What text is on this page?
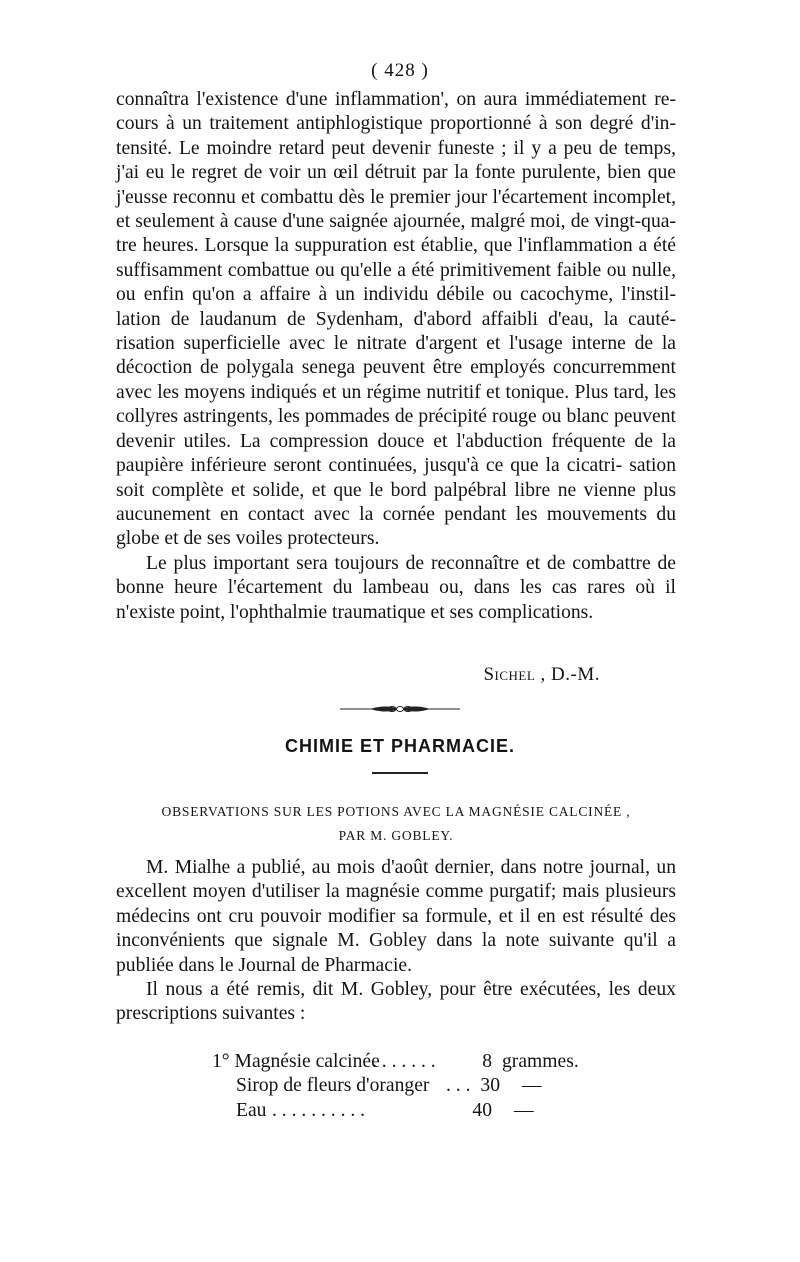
( 428 )

connaîtra l'existence d'une inflammation', on aura immédiatement re- cours à un traitement antiphlogistique proportionné à son degré d'in- tensité. Le moindre retard peut devenir funeste ; il y a peu de temps, j'ai eu le regret de voir un œil détruit par la fonte purulente, bien que j'eusse reconnu et combattu dès le premier jour l'écartement incomplet, et seulement à cause d'une saignée ajournée, malgré moi, de vingt-qua- tre heures. Lorsque la suppuration est établie, que l'inflammation a été suffisamment combattue ou qu'elle a été primitivement faible ou nulle, ou enfin qu'on a affaire à un individu débile ou cacochyme, l'instil- lation de laudanum de Sydenham, d'abord affaibli d'eau, la cauté- risation superficielle avec le nitrate d'argent et l'usage interne de la décoction de polygala senega peuvent être employés concurremment avec les moyens indiqués et un régime nutritif et tonique. Plus tard, les collyres astringents, les pommades de précipité rouge ou blanc peuvent devenir utiles. La compression douce et l'abduction fréquente de la paupière inférieure seront continuées, jusqu'à ce que la cicatri- sation soit complète et solide, et que le bord palpébral libre ne vienne plus aucunement en contact avec la cornée pendant les mouvements du globe et de ses voiles protecteurs.

Le plus important sera toujours de reconnaître et de combattre de bonne heure l'écartement du lambeau ou, dans les cas rares où il n'existe point, l'ophthalmie traumatique et ses complications.

Sichel , D.-M.
CHIMIE ET PHARMACIE.
OBSERVATIONS SUR LES POTIONS AVEC LA MAGNÉSIE CALCINÉE ,
PAR M. GOBLEY.

M. Mialhe a publié, au mois d'août dernier, dans notre journal, un excellent moyen d'utiliser la magnésie comme purgatif; mais plusieurs médecins ont cru pouvoir modifier sa formule, et il en est résulté des inconvénients que signale M. Gobley dans la note suivante qu'il a publiée dans le Journal de Pharmacie.

Il nous a été remis, dit M. Gobley, pour être exécutées, les deux prescriptions suivantes :

1° Magnésie calcinée
. . . . . . .	8 grammes.
Sirop de fleurs d'oranger . . . 30 —
Eau . . . . . . . . . .	40 —
